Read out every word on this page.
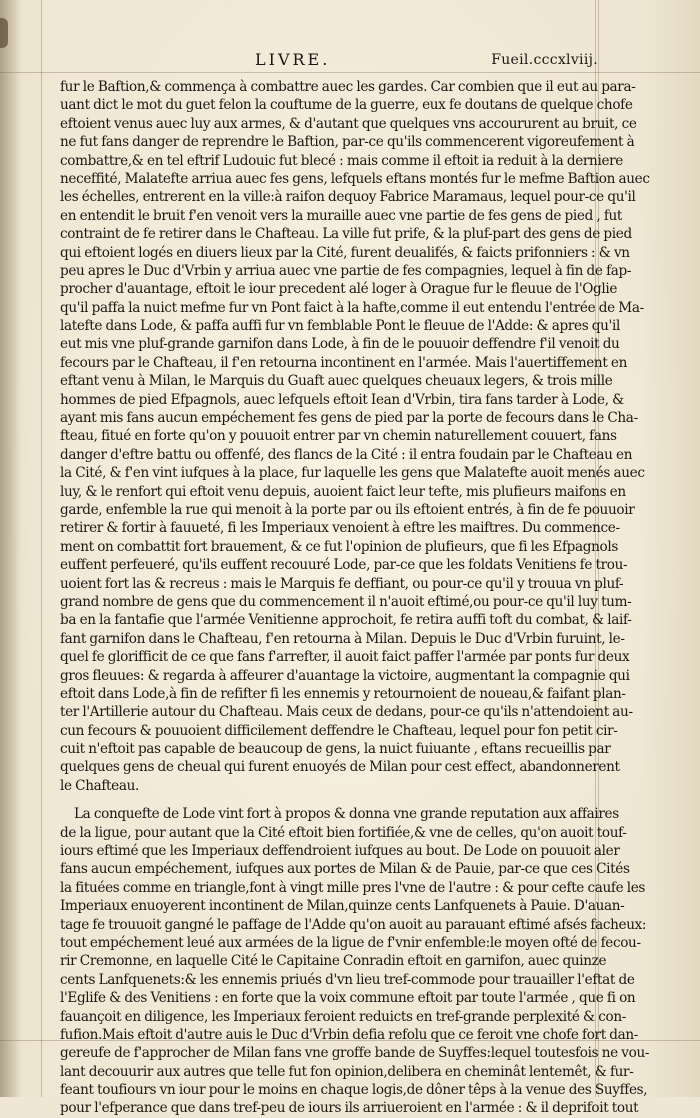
LIVRE.	Fueil.cccxlviij.
fur le Baftion,& commença à combattre auec les gardes. Car combien que il eut au para-
uant dict le mot du guet felon la couftume de la guerre, eux fe doutans de quelque chofe
eftoient venus auec luy aux armes, & d'autant que quelques vns accoururent au bruit, ce
ne fut fans danger de reprendre le Baftion, par-ce qu'ils commencerent vigoreufement à
combattre,& en tel eftrif Ludouic fut blecé : mais comme il eftoit ia reduit à la derniere
neceffité, Malatefte arriua auec fes gens, lefquels eftans montés fur le mefme Baftion auec
les échelles, entrerent en la ville:à raifon dequoy Fabrice Maramaus, lequel pour-ce qu'il
en entendit le bruit f'en venoit vers la muraille auec vne partie de fes gens de pied , fut
contraint de fe retirer dans le Chafteau. La ville fut prife, & la pluf-part des gens de pied
qui eftoient logés en diuers lieux par la Cité, furent deualifés, & faicts prifonniers : & vn
peu apres le Duc d'Vrbin y arriua auec vne partie de fes compagnies, lequel à fin de fap-
procher d'auantage, eftoit le iour precedent alé loger à Orague fur le fleuue de l'Oglie
qu'il paffa la nuict mefme fur vn Pont faict à la hafte,comme il eut entendu l'entrée de Ma-
latefte dans Lode, & paffa auffi fur vn femblable Pont le fleuue de l'Adde: & apres qu'il
eut mis vne pluf-grande garnifon dans Lode, à fin de le pouuoir deffendre f'il venoit du
fecours par le Chafteau, il f'en retourna incontinent en l'armée. Mais l'auertiffement en
eftant venu à Milan, le Marquis du Guaft auec quelques cheuaux legers, & trois mille
hommes de pied Efpagnols, auec lefquels eftoit Iean d'Vrbin, tira fans tarder à Lode, &
ayant mis fans aucun empéchement fes gens de pied par la porte de fecours dans le Cha-
fteau, fitué en forte qu'on y pouuoit entrer par vn chemin naturellement couuert, fans
danger d'eftre battu ou offenfé, des flancs de la Cité : il entra foudain par le Chafteau en
la Cité, & f'en vint iufques à la place, fur laquelle les gens que Malatefte auoit menés auec
luy, & le renfort qui eftoit venu depuis, auoient faict leur tefte, mis plufieurs maifons en
garde, enfemble la rue qui menoit à la porte par ou ils eftoient entrés, à fin de fe pouuoir
retirer & fortir à fauueté, fi les Imperiaux venoient à eftre les maiftres. Du commence-
ment on combattit fort brauement, & ce fut l'opinion de plufieurs, que fi les Efpagnols
euffent perfeueré, qu'ils euffent recouuré Lode, par-ce que les foldats Venitiens fe trou-
uoient fort las & recreus : mais le Marquis fe deffiant, ou pour-ce qu'il y trouua vn pluf-
grand nombre de gens que du commencement il n'auoit eftimé,ou pour-ce qu'il luy tum-
ba en la fantafie que l'armée Venitienne approchoit, fe retira auffi toft du combat, & laif-
fant garnifon dans le Chafteau, f'en retourna à Milan. Depuis le Duc d'Vrbin furuint, le-
quel fe glorifficit de ce que fans f'arrefter, il auoit faict paffer l'armée par ponts fur deux
gros fleuues: & regarda à affeurer d'auantage la victoire, augmentant la compagnie qui
eftoit dans Lode,à fin de refifter fi les ennemis y retournoient de noueau,& faifant plan-
ter l'Artillerie autour du Chafteau. Mais ceux de dedans, pour-ce qu'ils n'attendoient au-
cun fecours & pouuoient difficilement deffendre le Chafteau, lequel pour fon petit cir-
cuit n'eftoit pas capable de beaucoup de gens, la nuict fuiuante , eftans recueillis par
quelques gens de cheual qui furent enuoyés de Milan pour cest effect, abandonnerent
le Chafteau.
La conquefte de Lode vint fort à propos & donna vne grande reputation aux affaires
de la ligue, pour autant que la Cité eftoit bien fortifiée,& vne de celles, qu'on auoit touf-
iours eftimé que les Imperiaux deffendroient iufques au bout. De Lode on pouuoit aler
fans aucun empéchement, iufques aux portes de Milan & de Pauie, par-ce que ces Cités
la fituées comme en triangle,font à vingt mille pres l'vne de l'autre : & pour cefte caufe les
Imperiaux enuoyerent incontinent de Milan,quinze cents Lanfquenets à Pauie. D'auan-
tage fe trouuoit gangné le paffage de l'Adde qu'on auoit au parauant eftimé afsés facheux:
tout empéchement leué aux armées de la ligue de f'vnir enfemble:le moyen ofté de fecou-
rir Cremonne, en laquelle Cité le Capitaine Conradin eftoit en garnifon, auec quinze
cents Lanfquenets:& les ennemis priués d'vn lieu tref-commode pour trauailler l'eftat de
l'Eglife & des Venitiens : en forte que la voix commune eftoit par toute l'armée , que fi on
fauançoit en diligence, les Imperiaux feroient reduicts en tref-grande perplexité & con-
fufion.Mais eftoit d'autre auis le Duc d'Vrbin defia refolu que ce feroit vne chofe fort dan-
gereufe de f'approcher de Milan fans vne groffe bande de Suyffes:lequel toutesfois ne vou-
lant decouurir aux autres que telle fut fon opinion,delibera en cheminât lentemêt, & fur-
feant toufiours vn iour pour le moins en chaque logis,de dôner têps à la venue des Suyffes,
pour l'efperance que dans tref-peu de iours ils arriueroient en l'armée : & il deprifoit tout
